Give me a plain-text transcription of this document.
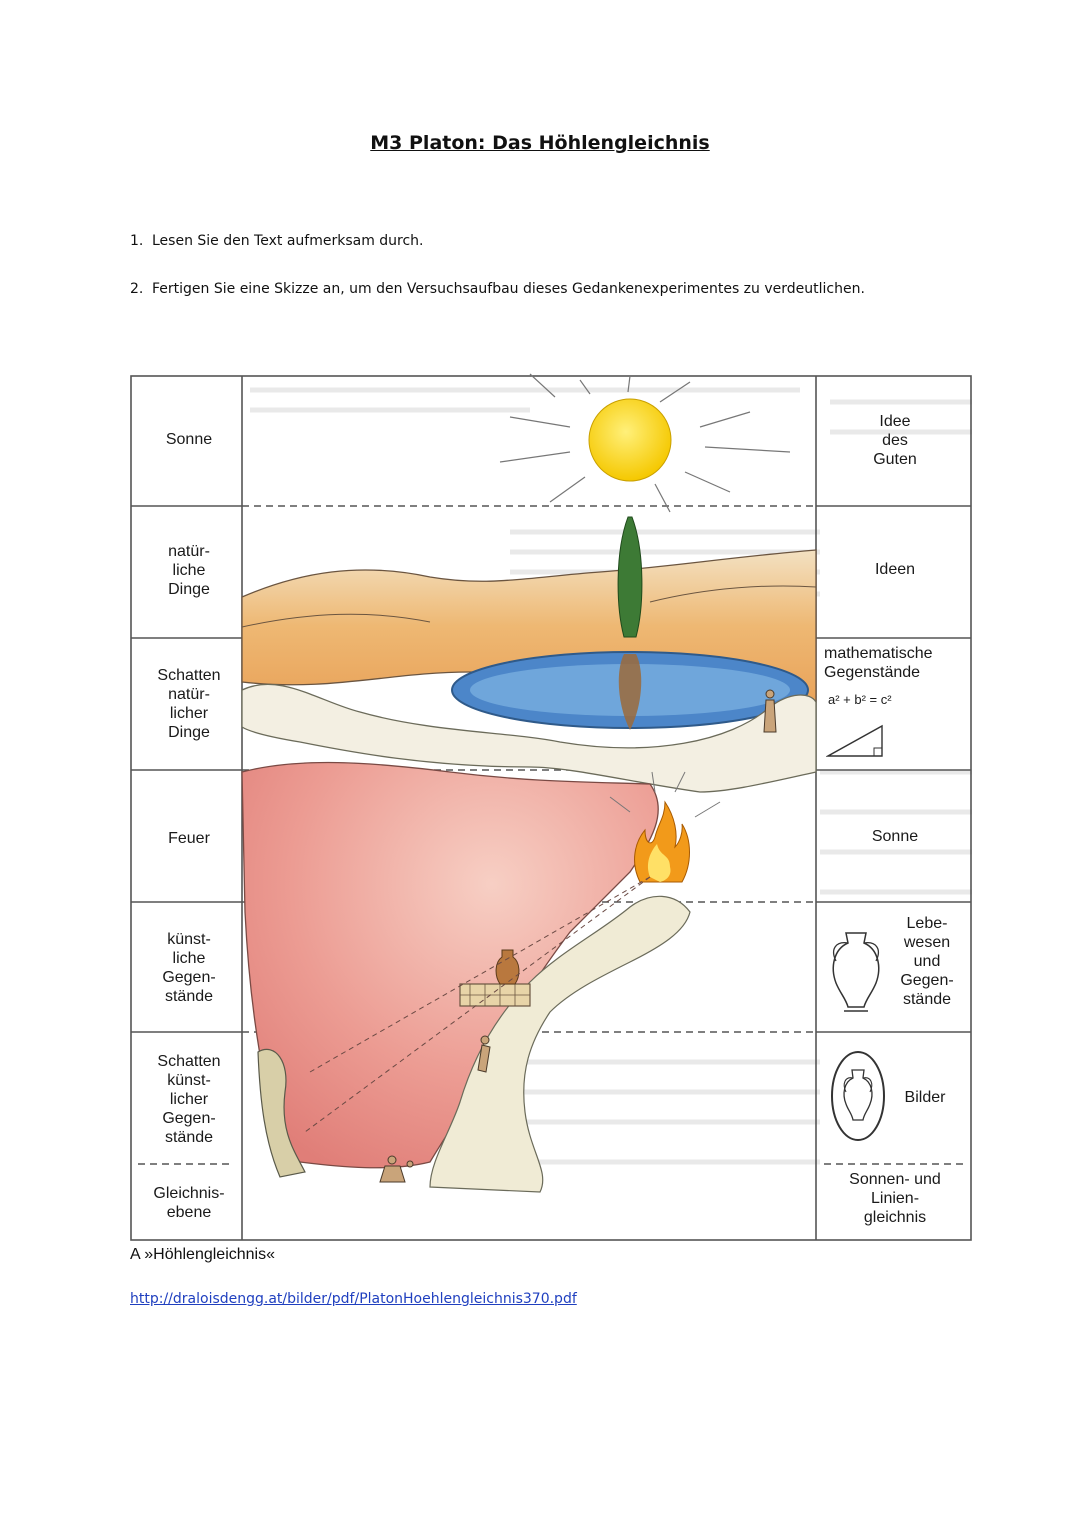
M3 Platon: Das Höhlengleichnis
1. Lesen Sie den Text aufmerksam durch.
2. Fertigen Sie eine Skizze an, um den Versuchsaufbau dieses Gedankenexperimentes zu verdeutlichen.
Sonne
natür-
liche
Dinge
Schatten
natür-
licher
Dinge
Feuer
künst-
liche
Gegen-
stände
Schatten
künst-
licher
Gegen-
stände
Gleichnis-
ebene
Idee
des
Guten
Ideen
mathematische
Gegenstände
a² + b² = c²
Sonne
Lebe-
wesen
und
Gegen-
stände
Bilder
Sonnen- und
Linien-
gleichnis
A »Höhlengleichnis«
http://draloisdengg.at/bilder/pdf/PlatonHoehlengleichnis370.pdf
